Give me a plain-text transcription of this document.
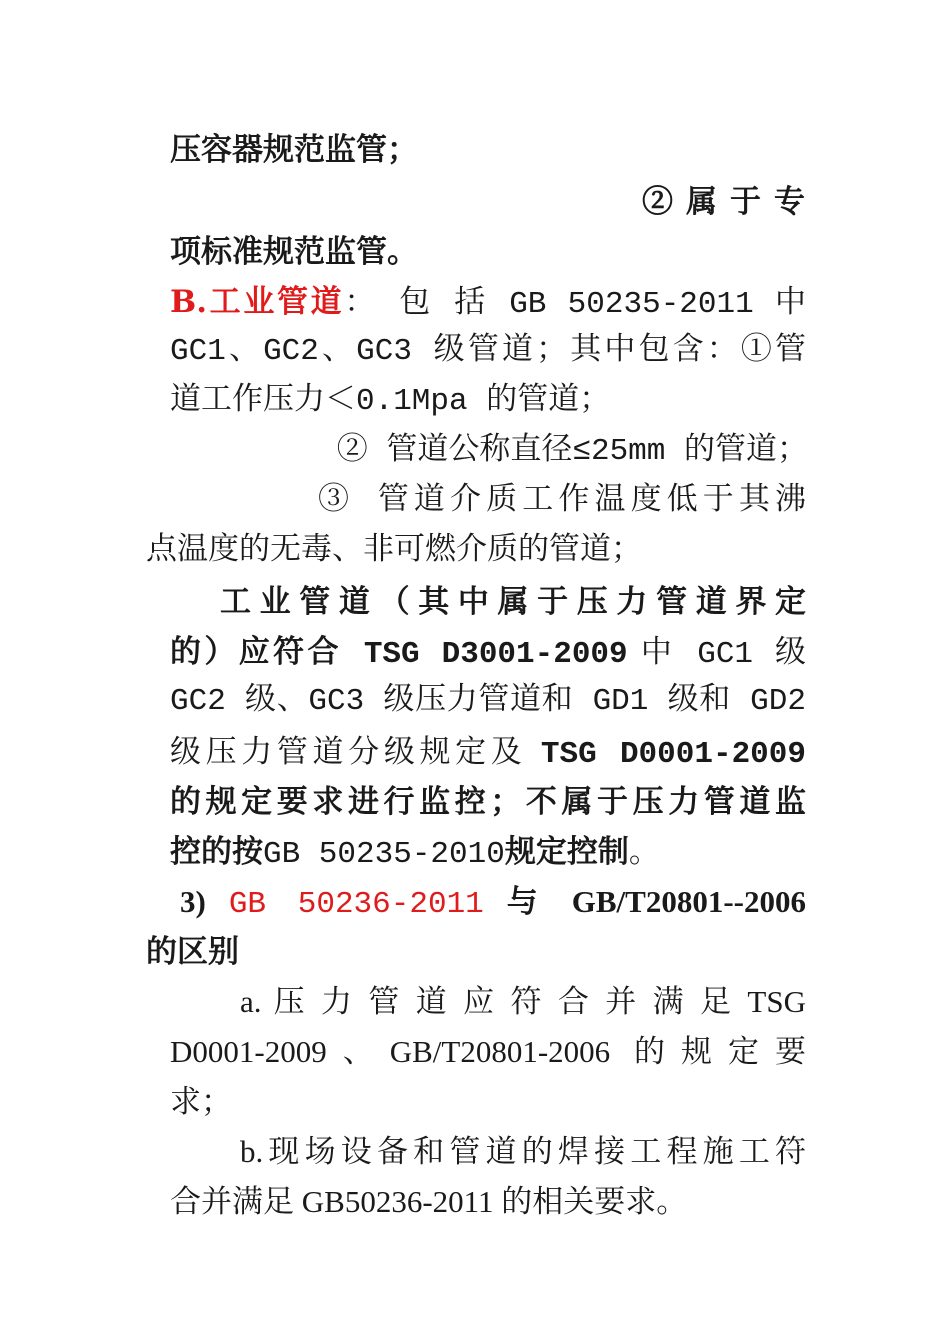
压容器规范监管；
② 属 于 专
项标准规范监管。
B.工业管道： 包 括 GB 50235-2011 中
GC1、GC2、GC3 级管道；其中包含：①管
道工作压力＜0.1Mpa 的管道；
② 管道公称直径≤25mm 的管道；
③ 管道介质工作温度低于其沸
点温度的无毒、非可燃介质的管道；
工业管道（其中属于压力管道界定
的）应符合 TSG D3001-2009 中 GC1 级
GC2 级、GC3 级压力管道和 GD1 级和 GD2
级压力管道分级规定及 TSG D0001-2009
的规定要求进行监控；不属于压力管道监
控的按GB 50235-2010规定控制。
3) GB 50236-2011 与 GB/T20801--2006
的区别
a. 压 力 管 道 应 符 合 并 满 足 TSG
D0001-2009、GB/T20801-2006 的规定要
求；
b.现场设备和管道的焊接工程施工符
合并满足 GB50236-2011 的相关要求。
